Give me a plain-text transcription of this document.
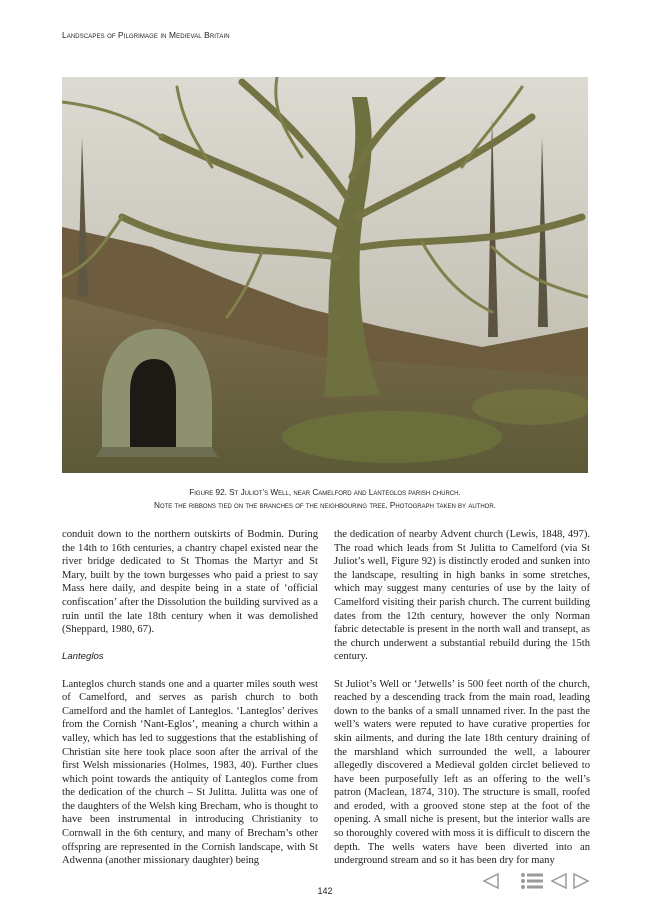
Landscapes of Pilgrimage in Medieval Britain
Figure 92. St Juliot’s Well, near Camelford and Lanteglos parish church.
Note the ribbons tied on the branches of the neighbouring tree. Photograph taken by author.

conduit down to the northern outskirts of Bodmin. During the 14th to 16th centuries, a chantry chapel existed near the river bridge dedicated to St Thomas the Martyr and St Mary, built by the town burgesses who paid a priest to say Mass here daily, and despite being in a state of ‘official confiscation’ after the Dissolution the building survived as a ruin until the late 18th century when it was demolished (Sheppard, 1980, 67).

Lanteglos

Lanteglos church stands one and a quarter miles south west of Camelford, and serves as parish church to both Camelford and the hamlet of Lanteglos. ‘Lanteglos’ derives from the Cornish ‘Nant-Eglos’, meaning a church within a valley, which has led to suggestions that the establishing of Christian site here took place soon after the arrival of the first Welsh missionaries (Holmes, 1983, 40). Further clues which point towards the antiquity of Lanteglos come from the dedication of the church – St Julitta. Julitta was one of the daughters of the Welsh king Brecham, who is thought to have been instrumental in introducing Christianity to Cornwall in the 6th century, and many of Brecham’s other offspring are represented in the Cornish landscape, with St Adwenna (another missionary daughter) being

the dedication of nearby Advent church (Lewis, 1848, 497). The road which leads from St Julitta to Camelford (via St Juliot’s well, Figure 92) is distinctly eroded and sunken into the landscape, resulting in high banks in some stretches, which may suggest many centuries of use by the laity of Camelford visiting their parish church. The current building dates from the 12th century, however the only Norman fabric detectable is present in the north wall and transept, as the church underwent a substantial rebuild during the 15th century.

St Juliot’s Well or ‘Jetwells’ is 500 feet north of the church, reached by a descending track from the main road, leading down to the banks of a small unnamed river. In the past the well’s waters were reputed to have curative properties for skin ailments, and during the late 18th century draining of the marshland which surrounded the well, a labourer allegedly discovered a Medieval golden circlet believed to have been purposefully left as an offering to the well’s patron (Maclean, 1874, 310). The structure is small, roofed and eroded, with a grooved stone step at the foot of the opening. A small niche is present, but the interior walls are so thoroughly covered with moss it is difficult to discern the depth. The wells waters have been diverted into an underground stream and so it has been dry for many

142
